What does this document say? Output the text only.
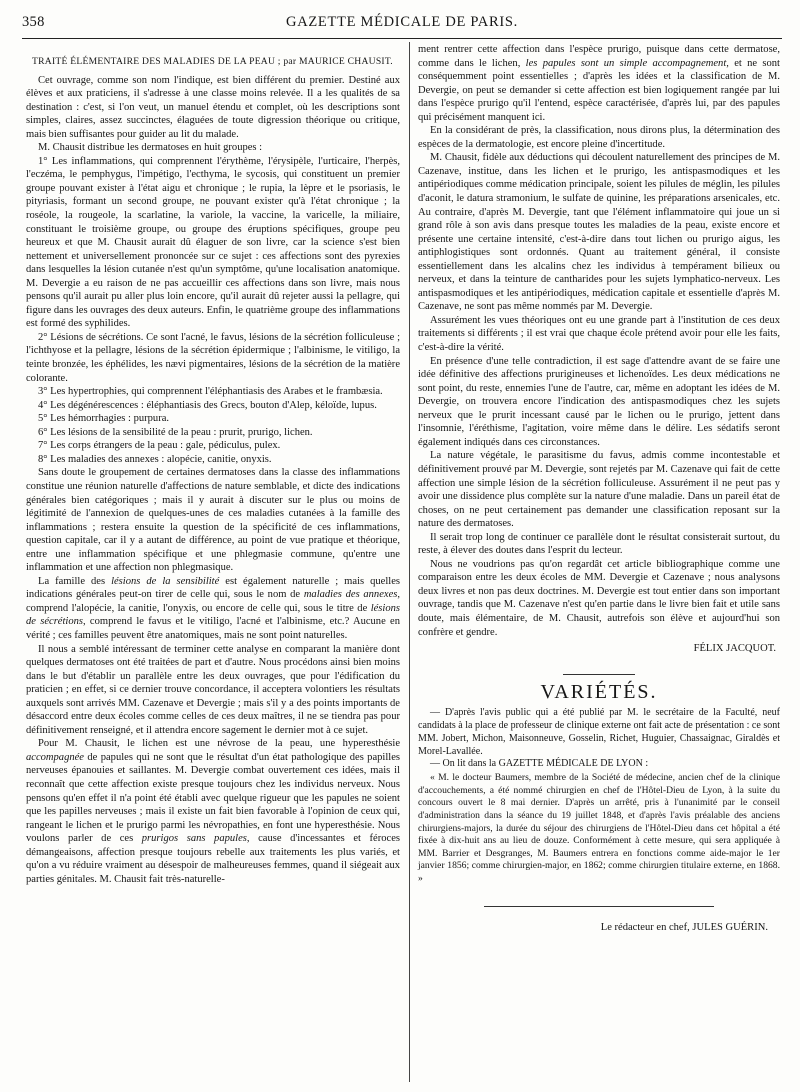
358	GAZETTE MÉDICALE DE PARIS.
TRAITÉ ÉLÉMENTAIRE DES MALADIES DE LA PEAU ; par MAURICE CHAUSIT.

Cet ouvrage, comme son nom l'indique, est bien différent du premier. Destiné aux élèves et aux praticiens, il s'adresse à une classe moins relevée. Il a les qualités de sa destination : c'est, si l'on veut, un manuel étendu et complet, où les descriptions sont simples, claires, assez succinctes, élaguées de toute digression théorique ou critique, mais bien suffisantes pour guider au lit du malade.

M. Chausit distribue les dermatoses en huit groupes :

1° Les inflammations, qui comprennent l'érythème, l'érysipèle, l'urticaire, l'herpès, l'eczéma, le pemphygus, l'impétigo, l'ecthyma, le sycosis, qui constituent un premier groupe pouvant exister à l'état aigu et chronique ; le rupia, la lèpre et le psoriasis, le pityriasis, formant un second groupe, ne pouvant exister qu'à l'état chronique ; la roséole, la rougeole, la scarlatine, la variole, la vaccine, la varicelle, la miliaire, constituant le troisième groupe, ou groupe des éruptions spécifiques, groupe peu heureux et que M. Chausit aurait dû élaguer de son livre, car la science s'est bien nettement et universellement prononcée sur ce sujet : ces affections sont des pyrexies dans lesquelles la lésion cutanée n'est qu'un symptôme, qu'une localisation anatomique. M. Devergie a eu raison de ne pas accueillir ces affections dans son livre, mais nous pensons qu'il aurait pu aller plus loin encore, qu'il aurait dû rejeter aussi la pellagre, qui figure dans les ouvrages des deux auteurs. Enfin, le quatrième groupe des inflammations est formé des syphilides.

2° Lésions de sécrétions. Ce sont l'acné, le favus, lésions de la sécrétion folliculeuse ; l'ichthyose et la pellagre, lésions de la sécrétion épidermique ; l'albinisme, le vitiligo, la teinte bronzée, les éphélides, les nævi pigmentaires, lésions de la sécrétion de la matière colorante.

3° Les hypertrophies, qui comprennent l'éléphantiasis des Arabes et le frambæsia.

4° Les dégénérescences : éléphantiasis des Grecs, bouton d'Alep, kéloïde, lupus.

5° Les hémorrhagies : purpura.

6° Les lésions de la sensibilité de la peau : prurit, prurigo, lichen.

7° Les corps étrangers de la peau : gale, pédiculus, pulex.

8° Les maladies des annexes : alopécie, canitie, onyxis.

Sans doute le groupement de certaines dermatoses dans la classe des inflammations constitue une réunion naturelle d'affections de nature semblable, et dicte des indications générales bien catégoriques ; mais il y aurait à discuter sur le plus ou moins de légitimité de l'annexion de quelques-unes de ces maladies cutanées à la famille des inflammations ; restera ensuite la question de la spécificité de ces inflammations, question capitale, car il y a autant de différence, au point de vue pratique et théorique, entre une inflammation spécifique et une phlegmasie commune, qu'entre une inflammation et une affection non phlegmasique.

La famille des lésions de la sensibilité est également naturelle ; mais quelles indications générales peut-on tirer de celle qui, sous le nom de maladies des annexes, comprend l'alopécie, la canitie, l'onyxis, ou encore de celle qui, sous le titre de lésions de sécrétions, comprend le favus et le vitiligo, l'acné et l'albinisme, etc.? Aucune en vérité ; ces familles peuvent être anatomiques, mais ne sont point naturelles.

Il nous a semblé intéressant de terminer cette analyse en comparant la manière dont quelques dermatoses ont été traitées de part et d'autre. Nous procédons ainsi bien moins dans le but d'établir un parallèle entre les deux ouvrages, que pour l'édification du praticien ; en effet, si ce dernier trouve concordance, il acceptera volontiers les résultats auxquels sont arrivés MM. Cazenave et Devergie ; mais s'il y a des points importants de désaccord entre deux écoles comme celles de ces deux maîtres, il ne se tiendra pas pour définitivement renseigné, et il attendra encore sagement le dernier mot à ce sujet.

Pour M. Chausit, le lichen est une névrose de la peau, une hyperesthésie accompagnée de papules qui ne sont que le résultat d'un état pathologique des papilles nerveuses épanouies et saillantes. M. Devergie combat ouvertement ces idées, mais il reconnaît que cette affection existe presque toujours chez les individus nerveux. Nous pensons qu'en effet il n'a point été établi avec quelque rigueur que les papules ne soient que les papilles nerveuses ; mais il existe un fait bien favorable à l'opinion de ceux qui, rangeant le lichen et le prurigo parmi les névropathies, en font une hyperesthésie. Nous voulons parler de ces prurigos sans papules, cause d'incessantes et féroces démangeaisons, affection presque toujours rebelle aux traitements les plus variés, et qu'on a vu réduire vraiment au désespoir de malheureuses femmes, quand il siégeait aux parties génitales. M. Chausit fait très-naturelle-

ment rentrer cette affection dans l'espèce prurigo, puisque dans cette dermatose, comme dans le lichen, les papules sont un simple accompagnement, et ne sont conséquemment point essentielles ; d'après les idées et la classification de M. Devergie, on peut se demander si cette affection est bien logiquement rangée par lui dans l'espèce prurigo qu'il l'entend, espèce caractérisée, d'après lui, par des papules qui précisément manquent ici.

En la considérant de près, la classification, nous dirons plus, la détermination des espèces de la dermatologie, est encore pleine d'incertitude.

M. Chausit, fidèle aux déductions qui découlent naturellement des principes de M. Cazenave, institue, dans les lichen et le prurigo, les antispasmodiques et les antipériodiques comme médication principale, soient les pilules de méglin, les pilules d'aconit, le datura stramonium, le sulfate de quinine, les préparations arsenicales, etc. Au contraire, d'après M. Devergie, tant que l'élément inflammatoire qui joue un si grand rôle à son avis dans presque toutes les maladies de la peau, existe encore et présente une certaine intensité, c'est-à-dire dans tout lichen ou prurigo aigus, les antiphlogistiques sont ordonnés. Quant au traitement général, il consiste essentiellement dans les alcalins chez les individus à tempérament bilieux ou nerveux, et dans la teinture de cantharides pour les sujets lymphatico-nerveux. Les antispasmodiques et les antipériodiques, médication capitale et essentielle d'après M. Cazenave, ne sont pas même nommés par M. Devergie.

Assurément les vues théoriques ont eu une grande part à l'institution de ces deux traitements si différents ; il est vrai que chaque école prétend avoir pour elle les faits, c'est-à-dire la vérité.

En présence d'une telle contradiction, il est sage d'attendre avant de se faire une idée définitive des affections prurigineuses et lichenoïdes. Les deux médications ne sont point, du reste, ennemies l'une de l'autre, car, même en adoptant les idées de M. Devergie, on trouvera encore l'indication des antispasmodiques chez les sujets nerveux que le prurit incessant causé par le lichen ou le prurigo, jettent dans l'insomnie, l'éréthisme, l'agitation, voire même dans le délire. Les sédatifs seront également indiqués dans ces circonstances.

La nature végétale, le parasitisme du favus, admis comme incontestable et définitivement prouvé par M. Devergie, sont rejetés par M. Cazenave qui fait de cette affection une simple lésion de la sécrétion folliculeuse. Assurément il ne peut pas y avoir une dissidence plus complète sur la nature d'une maladie. Dans un pareil état de choses, on ne peut certainement pas demander une classification reposant sur la nature des dermatoses.

Il serait trop long de continuer ce parallèle dont le résultat consisterait surtout, du reste, à élever des doutes dans l'esprit du lecteur.

Nous ne voudrions pas qu'on regardât cet article bibliographique comme une comparaison entre les deux écoles de MM. Devergie et Cazenave ; nous analysons deux livres et non pas deux doctrines. M. Devergie est tout entier dans son important ouvrage, tandis que M. Cazenave n'est qu'en partie dans le livre bien fait et utile sans doute, mais élémentaire, de M. Chausit, autrefois son élève et aujourd'hui son confrère et gendre.

FÉLIX JACQUOT.
VARIÉTÉS.

— D'après l'avis public qui a été publié par M. le secrétaire de la Faculté, neuf candidats à la place de professeur de clinique externe ont fait acte de présentation : ce sont MM. Jobert, Michon, Maisonneuve, Gosselin, Richet, Huguier, Chassaignac, Giraldès et Morel-Lavallée.

— On lit dans la GAZETTE MÉDICALE DE LYON :

« M. le docteur Baumers, membre de la Société de médecine, ancien chef de la clinique d'accouchements, a été nommé chirurgien en chef de l'Hôtel-Dieu de Lyon, à la suite du concours ouvert le 8 mai dernier. D'après un arrêté, pris à l'unanimité par le conseil d'administration dans la séance du 19 juillet 1848, et d'après l'avis préalable des anciens chirurgiens-majors, la durée du séjour des chirurgiens de l'Hôtel-Dieu dans cet hôpital a été fixée à dix-huit ans au lieu de douze. Conformément à cette mesure, qui sera appliquée à MM. Barrier et Desgranges, M. Baumers entrera en fonctions comme aide-major le 1er janvier 1856; comme chirurgien-major, en 1862; comme chirurgien titulaire externe, en 1868. »

Le rédacteur en chef, JULES GUÉRIN.
